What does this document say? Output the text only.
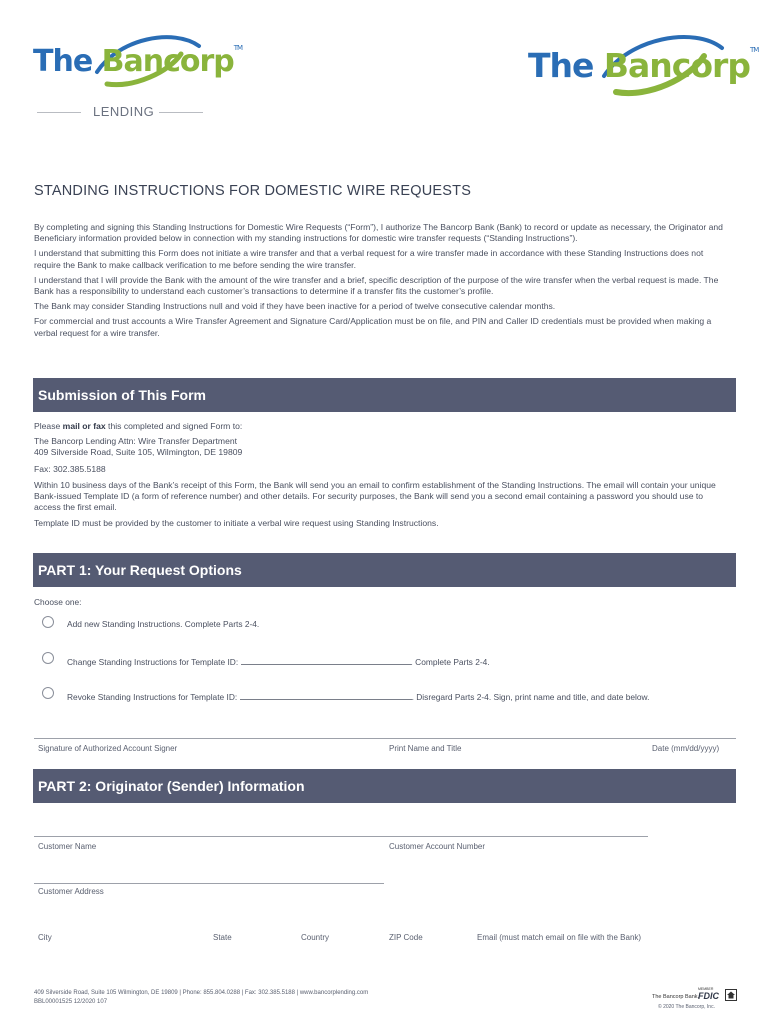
The Bancorp™
LENDING
The Bancorp™
STANDING INSTRUCTIONS FOR DOMESTIC WIRE REQUESTS

By completing and signing this Standing Instructions for Domestic Wire Requests (“Form”), I authorize The Bancorp Bank (Bank) to record or update as necessary, the Originator and Beneficiary information provided below in connection with my standing instructions for domestic wire transfer requests (“Standing Instructions”).

I understand that submitting this Form does not initiate a wire transfer and that a verbal request for a wire transfer made in accordance with these Standing Instructions does not require the Bank to make callback verification to me before sending the wire transfer.

I understand that I will provide the Bank with the amount of the wire transfer and a brief, specific description of the purpose of the wire transfer when the verbal request is made. The Bank has a responsibility to understand each customer’s transactions to determine if a transfer fits the customer’s profile.

The Bank may consider Standing Instructions null and void if they have been inactive for a period of twelve consecutive calendar months.

For commercial and trust accounts a Wire Transfer Agreement and Signature Card/Application must be on file, and PIN and Caller ID credentials must be provided when making a verbal request for a wire transfer.

Submission of This Form

Please mail or fax this completed and signed Form to:

The Bancorp Lending Attn: Wire Transfer Department

409 Silverside Road, Suite 105, Wilmington, DE 19809

Fax: 302.385.5188

Within 10 business days of the Bank’s receipt of this Form, the Bank will send you an email to confirm establishment of the Standing Instructions. The email will contain your unique Bank-issued Template ID (a form of reference number) and other details. For security purposes, the Bank will send you a second email containing a password you should use to access the first email.

Template ID must be provided by the customer to initiate a verbal wire request using Standing Instructions.

PART 1: Your Request Options
Choose one:
Add new Standing Instructions. Complete Parts 2-4.
Change Standing Instructions for Template ID:	. Complete Parts 2-4.
Revoke Standing Instructions for Template ID:	. Disregard Parts 2-4. Sign, print name and title, and date below.
Signature of Authorized Account Signer	Print Name and Title	Date (mm/dd/yyyy)
PART 2: Originator (Sender) Information
Customer Name	Customer Account Number
Customer Address
City	State	Country	ZIP Code	Email (must match email on file with the Bank)
409 Silverside Road, Suite 105 Wilmington, DE 19809 | Phone: 855.804.0288 | Fax: 302.385.5188 | www.bancorplending.com
BBL00001525 12/2020 107
The Bancorp Bank.
MEMBER
FDIC
© 2020 The Bancorp, Inc.
